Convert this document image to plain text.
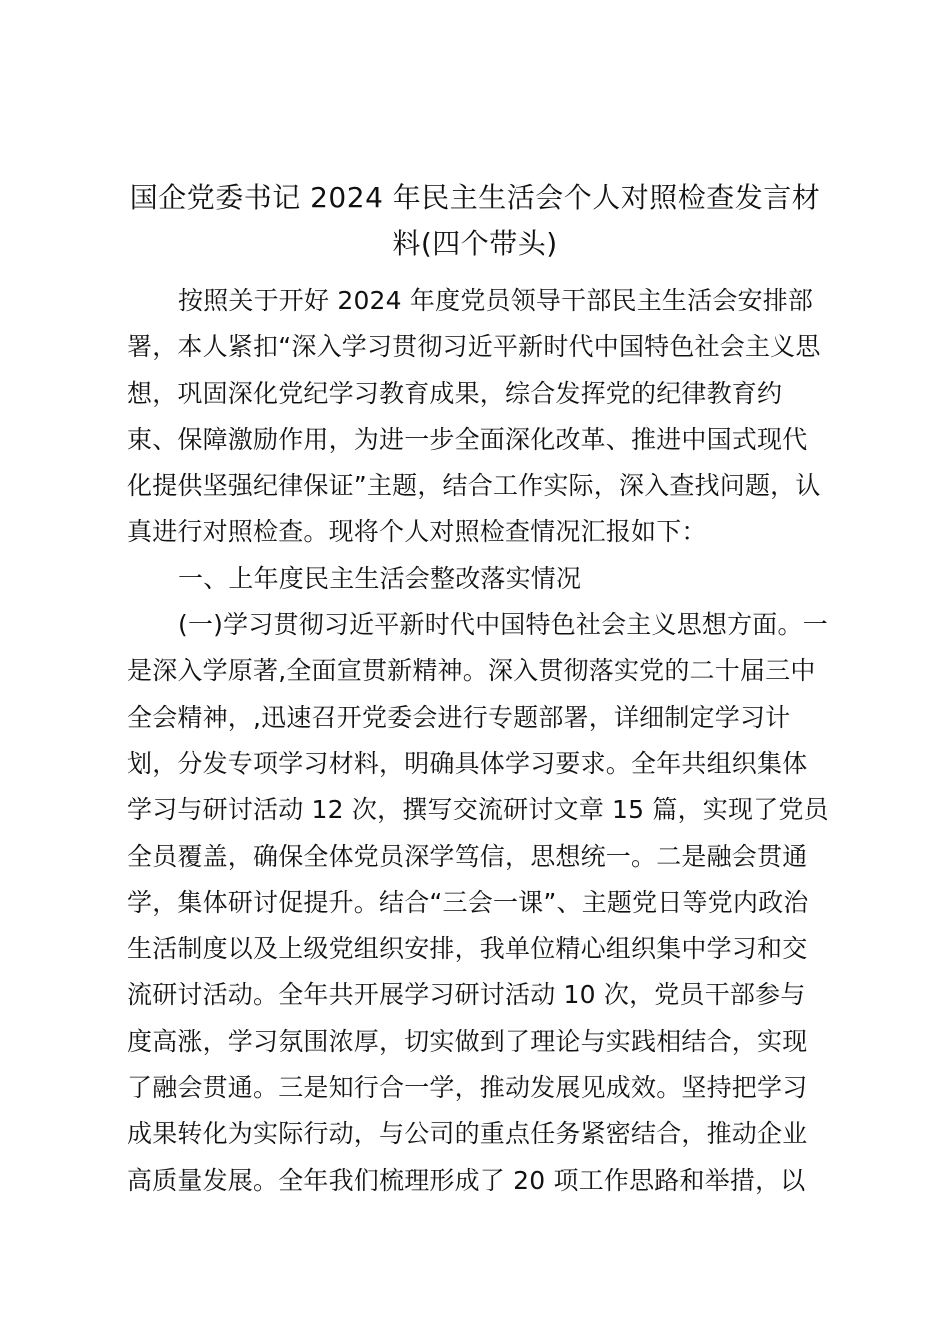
国企党委书记 2024 年民主生活会个人对照检查发言材
料(四个带头)
按照关于开好 2024 年度党员领导干部民主生活会安排部
署，本人紧扣“深入学习贯彻习近平新时代中国特色社会主义思
想，巩固深化党纪学习教育成果，综合发挥党的纪律教育约
束、保障激励作用，为进一步全面深化改革、推进中国式现代
化提供坚强纪律保证”主题，结合工作实际，深入查找问题，认
真进行对照检查。现将个人对照检查情况汇报如下：
一、上年度民主生活会整改落实情况
(一)学习贯彻习近平新时代中国特色社会主义思想方面。一
是深入学原著,全面宣贯新精神。深入贯彻落实党的二十届三中
全会精神，,迅速召开党委会进行专题部署，详细制定学习计
划，分发专项学习材料，明确具体学习要求。全年共组织集体
学习与研讨活动 12 次，撰写交流研讨文章 15 篇，实现了党员
全员覆盖，确保全体党员深学笃信，思想统一。二是融会贯通
学，集体研讨促提升。结合“三会一课”、主题党日等党内政治
生活制度以及上级党组织安排，我单位精心组织集中学习和交
流研讨活动。全年共开展学习研讨活动 10 次，党员干部参与
度高涨，学习氛围浓厚，切实做到了理论与实践相结合，实现
了融会贯通。三是知行合一学，推动发展见成效。坚持把学习
成果转化为实际行动，与公司的重点任务紧密结合，推动企业
高质量发展。全年我们梳理形成了 20 项工作思路和举措，以
